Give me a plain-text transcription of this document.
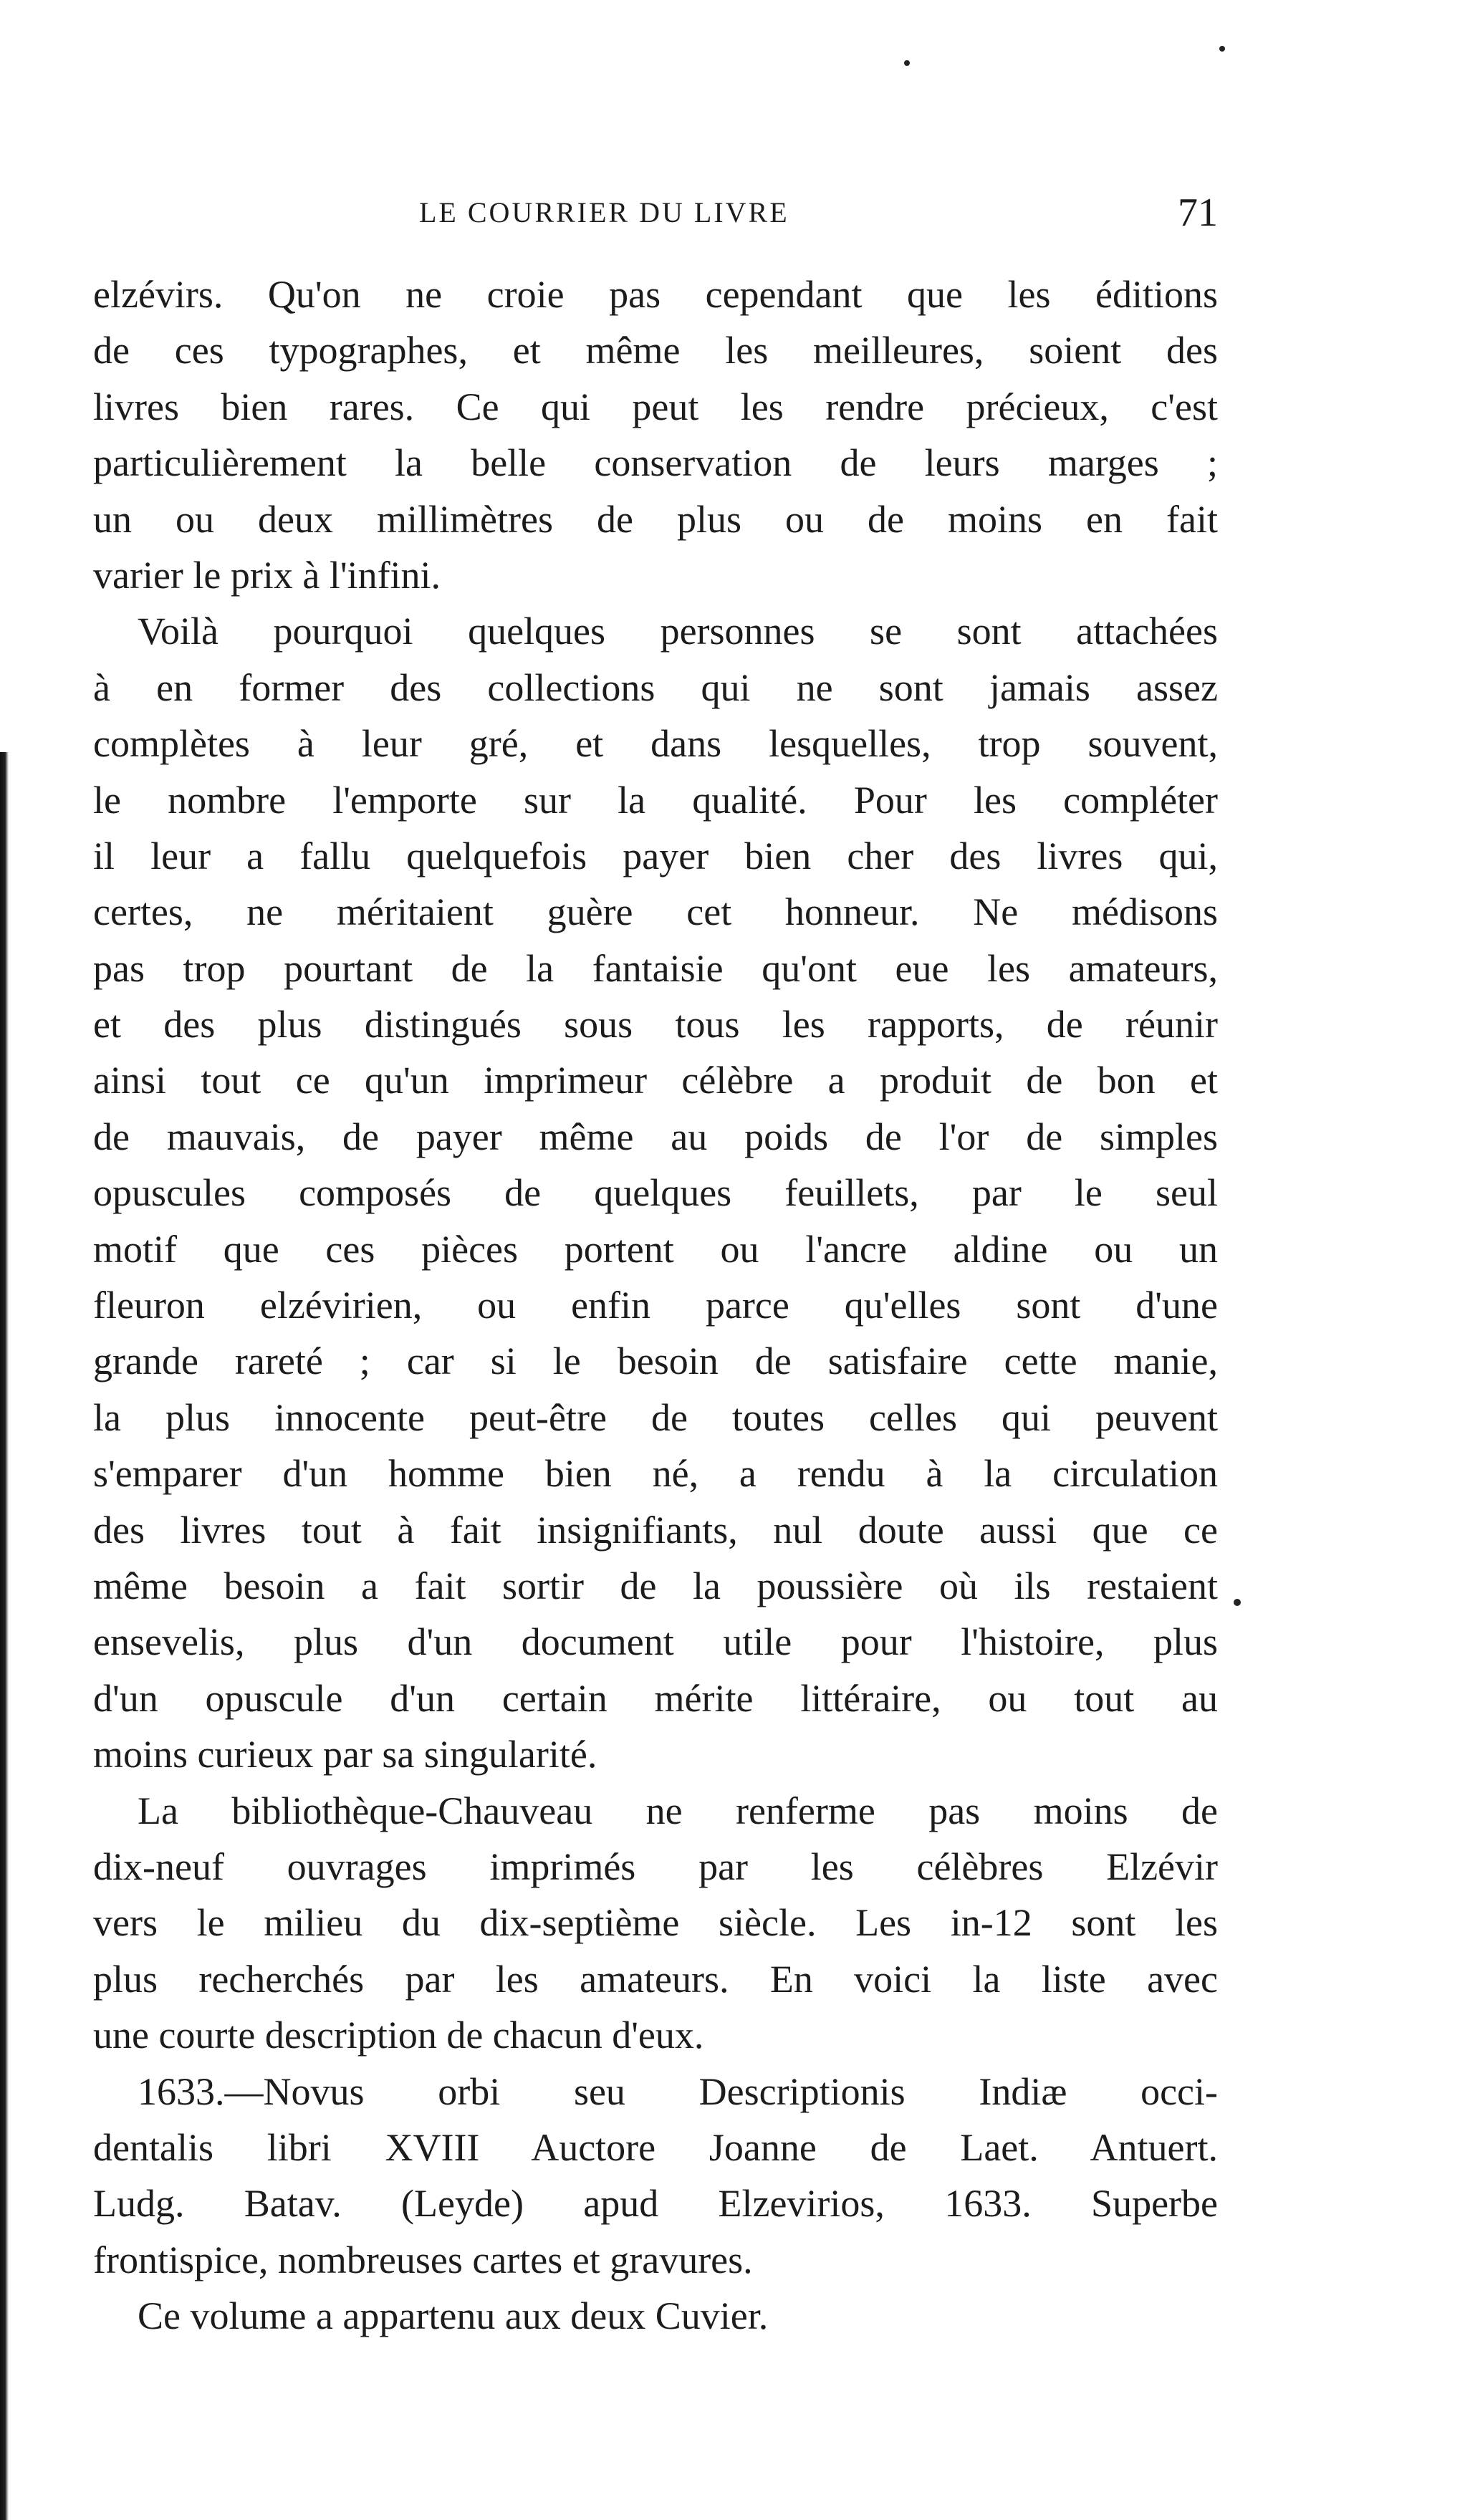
LE COURRIER DU LIVRE	71
elzévirs. Qu'on ne croie pas cependant que les éditions
de ces typographes, et même les meilleures, soient des
livres bien rares. Ce qui peut les rendre précieux, c'est
particulièrement la belle conservation de leurs marges ;
un ou deux millimètres de plus ou de moins en fait
varier le prix à l'infini.
Voilà pourquoi quelques personnes se sont attachées
à en former des collections qui ne sont jamais assez
complètes à leur gré, et dans lesquelles, trop souvent,
le nombre l'emporte sur la qualité. Pour les compléter
il leur a fallu quelquefois payer bien cher des livres qui,
certes, ne méritaient guère cet honneur. Ne médisons
pas trop pourtant de la fantaisie qu'ont eue les amateurs,
et des plus distingués sous tous les rapports, de réunir
ainsi tout ce qu'un imprimeur célèbre a produit de bon et
de mauvais, de payer même au poids de l'or de simples
opuscules composés de quelques feuillets, par le seul
motif que ces pièces portent ou l'ancre aldine ou un
fleuron elzévirien, ou enfin parce qu'elles sont d'une
grande rareté ; car si le besoin de satisfaire cette manie,
la plus innocente peut-être de toutes celles qui peuvent
s'emparer d'un homme bien né, a rendu à la circulation
des livres tout à fait insignifiants, nul doute aussi que ce
même besoin a fait sortir de la poussière où ils restaient
ensevelis, plus d'un document utile pour l'histoire, plus
d'un opuscule d'un certain mérite littéraire, ou tout au
moins curieux par sa singularité.
La bibliothèque-Chauveau ne renferme pas moins de
dix-neuf ouvrages imprimés par les célèbres Elzévir
vers le milieu du dix-septième siècle. Les in-12 sont les
plus recherchés par les amateurs. En voici la liste avec
une courte description de chacun d'eux.
1633.—Novus orbi seu Descriptionis Indiæ occi-
dentalis libri XVIII Auctore Joanne de Laet. Antuert.
Ludg. Batav. (Leyde) apud Elzevirios, 1633. Superbe
frontispice, nombreuses cartes et gravures.
Ce volume a appartenu aux deux Cuvier.
